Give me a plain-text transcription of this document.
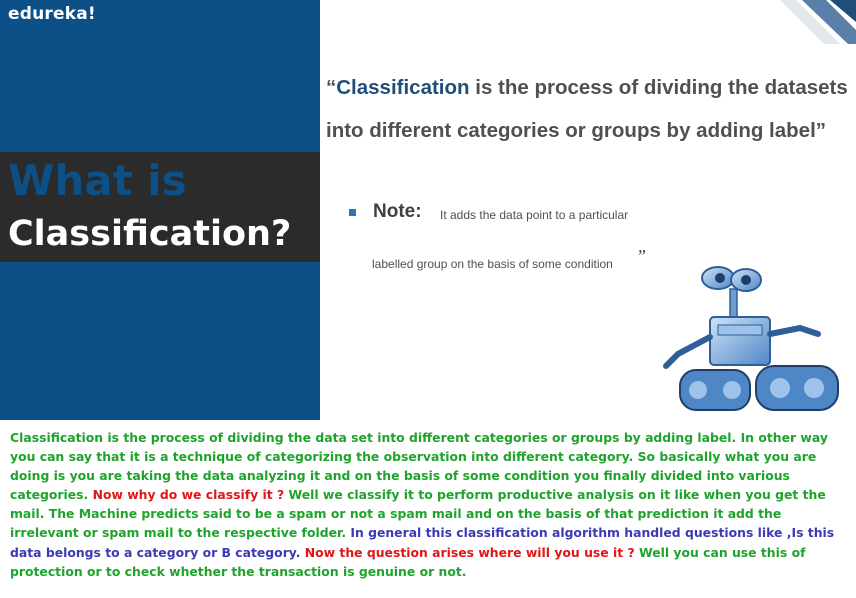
edureka!
What is
Classification?
“Classification is the process of dividing the datasets
into different categories or groups by adding label”
Note: It adds the data point to a particular
labelled group on the basis of some condition ”

Classification is the process of dividing the data set into different categories or groups by adding label. In other way you can say that it is a technique of categorizing the observation into different category. So basically what you are doing is you are taking the data analyzing it and on the basis of some condition you finally divided into various categories. Now why do we classify it ? Well we classify it to perform productive analysis on it like when you get the mail. The Machine predicts said to be a spam or not a spam mail and on the basis of that prediction it add the irrelevant or spam mail to the respective folder. In general this classification algorithm handled questions like ,Is this data belongs to a category or B category. Now the question arises where will you use it ? Well you can use this of protection or to check whether the transaction is genuine or not.
